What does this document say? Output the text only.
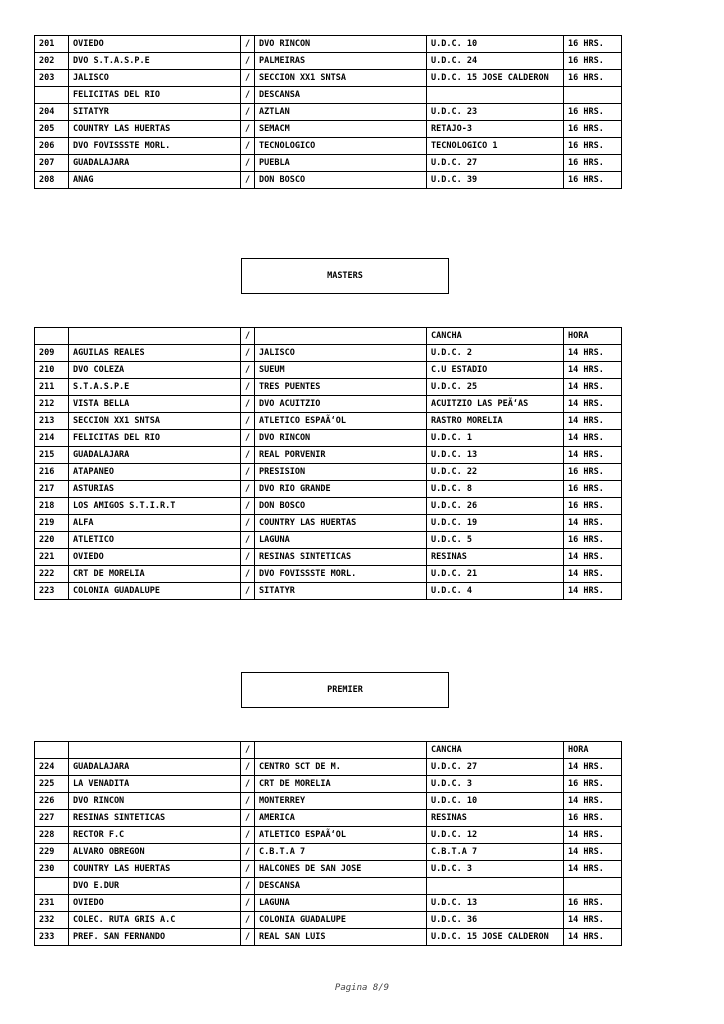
201	OVIEDO	/	DVO RINCON	U.D.C. 10	16 HRS.
202	DVO S.T.A.S.P.E	/	PALMEIRAS	U.D.C. 24	16 HRS.
203	JALISCO	/	SECCION XX1 SNTSA	U.D.C. 15 JOSE CALDERON	16 HRS.
	FELICITAS DEL RIO	/	DESCANSA		
204	SITATYR	/	AZTLAN	U.D.C. 23	16 HRS.
205	COUNTRY LAS HUERTAS	/	SEMACM	RETAJO-3	16 HRS.
206	DVO FOVISSSTE MORL.	/	TECNOLOGICO	TECNOLOGICO 1	16 HRS.
207	GUADALAJARA	/	PUEBLA	U.D.C. 27	16 HRS.
208	ANAG	/	DON BOSCO	U.D.C. 39	16 HRS.
MASTERS
		/		CANCHA	HORA
209	AGUILAS REALES	/	JALISCO	U.D.C. 2	14 HRS.
210	DVO COLEZA	/	SUEUM	C.U ESTADIO	14 HRS.
211	S.T.A.S.P.E	/	TRES PUENTES	U.D.C. 25	14 HRS.
212	VISTA BELLA	/	DVO ACUITZIO	ACUITZIO LAS PEÃ‘AS	14 HRS.
213	SECCION XX1 SNTSA	/	ATLETICO ESPAÃ‘OL	RASTRO MORELIA	14 HRS.
214	FELICITAS DEL RIO	/	DVO RINCON	U.D.C. 1	14 HRS.
215	GUADALAJARA	/	REAL PORVENIR	U.D.C. 13	14 HRS.
216	ATAPANEO	/	PRESISION	U.D.C. 22	16 HRS.
217	ASTURIAS	/	DVO RIO GRANDE	U.D.C. 8	16 HRS.
218	LOS AMIGOS S.T.I.R.T	/	DON BOSCO	U.D.C. 26	16 HRS.
219	ALFA	/	COUNTRY LAS HUERTAS	U.D.C. 19	14 HRS.
220	ATLETICO	/	LAGUNA	U.D.C. 5	16 HRS.
221	OVIEDO	/	RESINAS SINTETICAS	RESINAS	14 HRS.
222	CRT DE MORELIA	/	DVO FOVISSSTE MORL.	U.D.C. 21	14 HRS.
223	COLONIA GUADALUPE	/	SITATYR	U.D.C. 4	14 HRS.
PREMIER
		/		CANCHA	HORA
224	GUADALAJARA	/	CENTRO SCT DE M.	U.D.C. 27	14 HRS.
225	LA VENADITA	/	CRT DE MORELIA	U.D.C. 3	16 HRS.
226	DVO RINCON	/	MONTERREY	U.D.C. 10	14 HRS.
227	RESINAS SINTETICAS	/	AMERICA	RESINAS	16 HRS.
228	RECTOR F.C	/	ATLETICO ESPAÃ‘OL	U.D.C. 12	14 HRS.
229	ALVARO OBREGON	/	C.B.T.A 7	C.B.T.A 7	14 HRS.
230	COUNTRY LAS HUERTAS	/	HALCONES DE SAN JOSE	U.D.C. 3	14 HRS.
	DVO E.DUR	/	DESCANSA		
231	OVIEDO	/	LAGUNA	U.D.C. 13	16 HRS.
232	COLEC. RUTA GRIS A.C	/	COLONIA GUADALUPE	U.D.C. 36	14 HRS.
233	PREF. SAN FERNANDO	/	REAL SAN LUIS	U.D.C. 15 JOSE CALDERON	14 HRS.
Pagina 8/9
